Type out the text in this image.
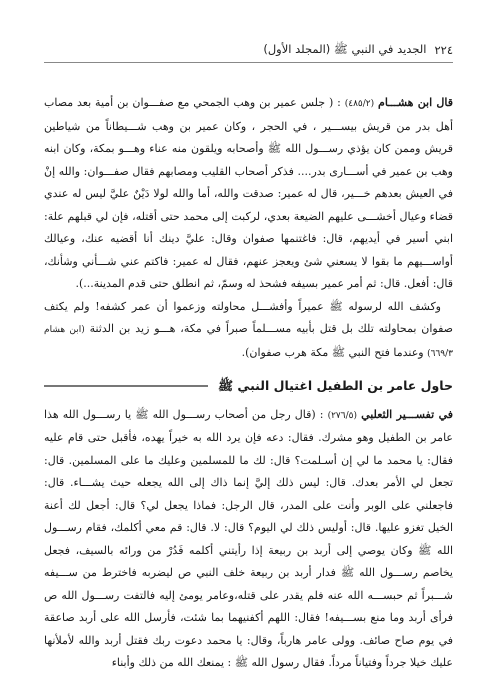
٢٢٤
الجديد في النبي ﷺ (المجلد الأول)

قال ابن هشـــام (٤٨٥/٢) : ( جلس عمير بن وهب الجمحي مع صفـــوان بن أمية بعد مصاب أهل بدر من قريش بيســـير ، في الحجر ، وكان عمير بن وهب شـــيطاناً من شياطين قريش وممن كان يؤذي رســـول الله ﷺ وأصحابه ويلقون منه عناء وهـــو بمكة، وكان ابنه وهب بن عمير في أســـارى بدر.... فذكر أصحاب القليب ومصابهم فقال صفـــوان: والله إنْ في العيش بعدهم خـــير، قال له عمير: صدقت والله، أما والله لولا دَيْنٌ عليَّ ليس له عندي قضاء وعيال أخشـــى عليهم الضيعة بعدي، لركبت إلى محمد حتى أقتله، فإن لي قبلهم علة: ابني أسير في أيديهم، قال: فاغتنمها صفوان وقال: عليَّ دينك أنا أقضيه عنك، وعيالك أواســـيهم ما بقوا لا يسعني شئ ويعجز عنهم، فقال له عمير: فاكتم عني شـــأني وشأنك، قال: أفعل. قال: ثم أمر عمير بسيفه فشحذ له وسمّ، ثم انطلق حتى قدم المدينة...).

وكشف الله لرسوله ﷺ عميراً وأفشـــل محاولته وزعموا أن عمر كشفه! ولم يكتف صفوان بمحاولته تلك بل قتل بأبيه مســـلماً صبراً في مكة، هـــو زيد بن الدثنة (ابن هشام ٦٦٩/٣) وعندما فتح النبي ﷺ مكة هرب صفوان).

حاول عامر بن الطفيل اغتيال النبي ﷺ

في تفســـير الثعلبي (٢٧٦/٥) : (قال رجل من أصحاب رســـول الله ﷺ يا رســـول الله هذا عامر بن الطفيل وهو مشرك. فقال: دعه فإن يرد الله به خيراً يهده، فأقبل حتى قام عليه فقال: يا محمد ما لي إن أسـلمت؟ قال: لك ما للمسلمين وعليك ما على المسلمين. قال: تجعل لي الأمر بعدك. قال: ليس ذلك إليَّ إنما ذاك إلى الله يجعله حيث يشـــاء. قال: فاجعلني على الوبر وأنت على المدر، قال الرجل: فماذا يجعل لي؟ قال: أجعل لك أعنة الخيل تغزو عليها. قال: أوليس ذلك لي اليوم؟ قال: لا. قال: قم معي أكلمك، فقام رســـول الله ﷺ وكان يوصي إلى أربد بن ربيعة إذا رأيتني أكلمه فَدُرْ من ورائه بالسيف، فجعل يخاصم رســـول الله ﷺ فدار أربد بن ربيعة خلف النبي ص ليضربه فاخترط من ســـيفه شـــبراً ثم حبســـه الله عنه فلم يقدر على قتله،وعامر يومئ إليه فالتفت رســـول الله ص فرأى أربد وما منع بســـيفه! فقال: اللهم أكفنيهما بما شئت، فأرسل الله على أربد صاعقة في يوم صاح صائف. وولى عامر هارباً، وقال: يا محمد دعوت ربك فقتل أربد والله لأملأنها عليك خيلا جرداً وفتياناً مرداً. فقال رسول الله ﷺ : يمنعك الله من ذلك وأبناء
